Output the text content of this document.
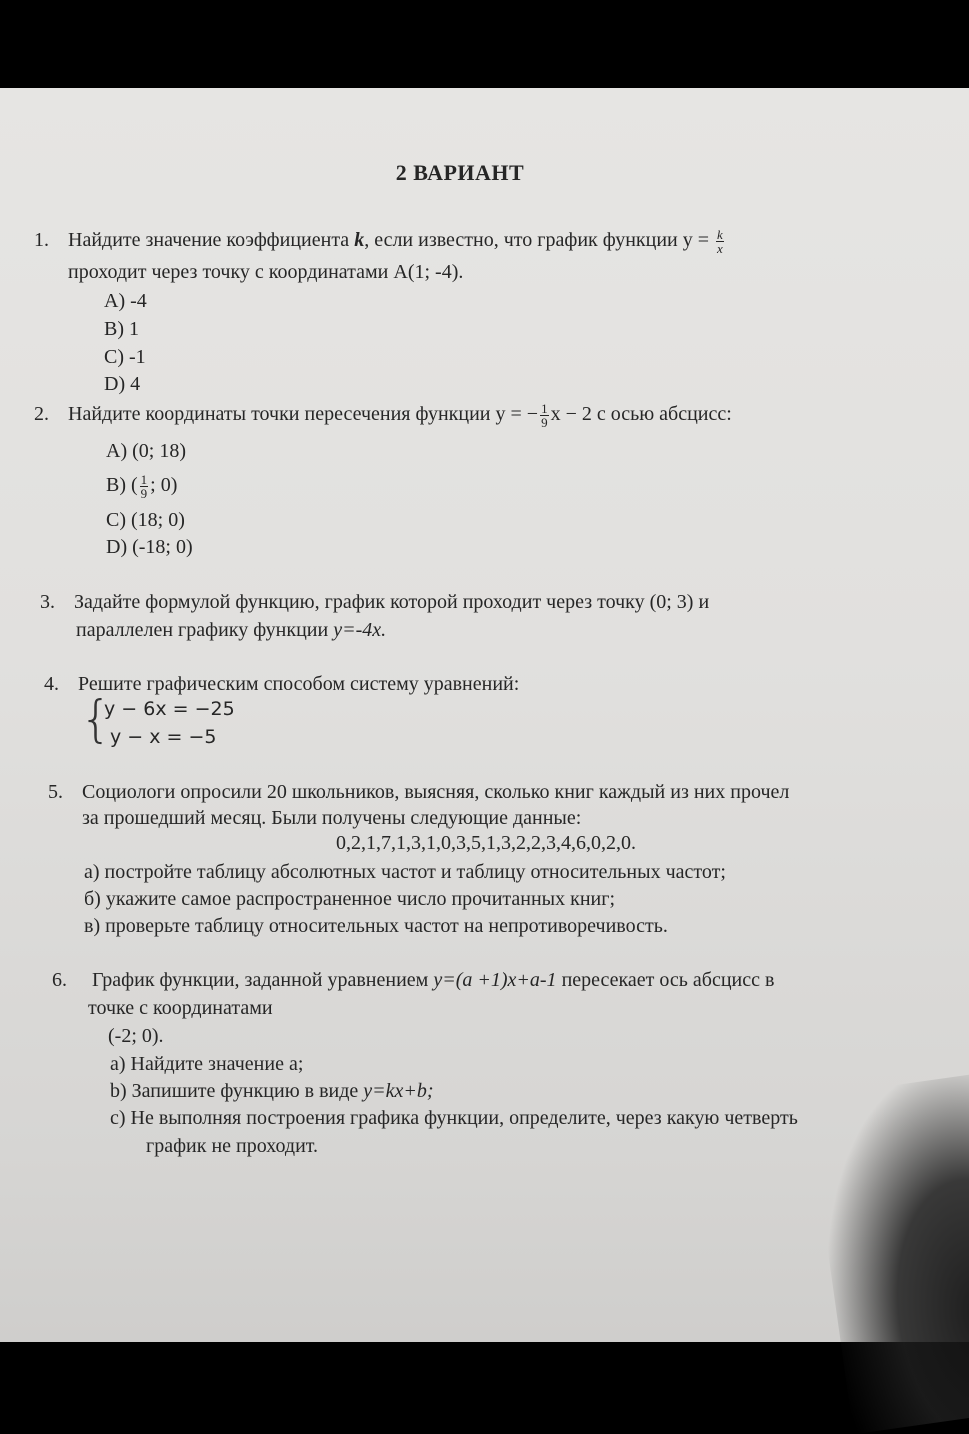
2 ВАРИАНТ
1. Найдите значение коэффициента k, если известно, что график функции $y = \frac{k}{x}$
проходит через точку с координатами A(1; -4).
A) -4
B) 1
C) -1
D) 4
2. Найдите координаты точки пересечения функции y = − $\frac{1}{9}$ x − 2 с осью абсцисс:
A) (0; 18)
B) ( $\frac{1}{9}$ ; 0)
C) (18; 0)
D) (-18; 0)
3. Задайте формулой функцию, график которой проходит через точку (0; 3) и
параллелен графику функции y=-4x.
4. Решите графическим способом систему уравнений:
{
y − 6x = −25
y − x = −5
5. Социологи опросили 20 школьников, выясняя, сколько книг каждый из них прочел
за прошедший месяц. Были получены следующие данные:
0,2,1,7,1,3,1,0,3,5,1,3,2,2,3,4,6,0,2,0.
а) постройте таблицу абсолютных частот и таблицу относительных частот;
б) укажите самое распространенное число прочитанных книг;
в) проверьте таблицу относительных частот на непротиворечивость.
6. График функции, заданной уравнением y=(a +1)x+a-1 пересекает ось абсцисс в
точке с координатами
(-2; 0).
a) Найдите значение а;
b) Запишите функцию в виде y=kx+b;
c) Не выполняя построения графика функции, определите, через какую четверть
график не проходит.
